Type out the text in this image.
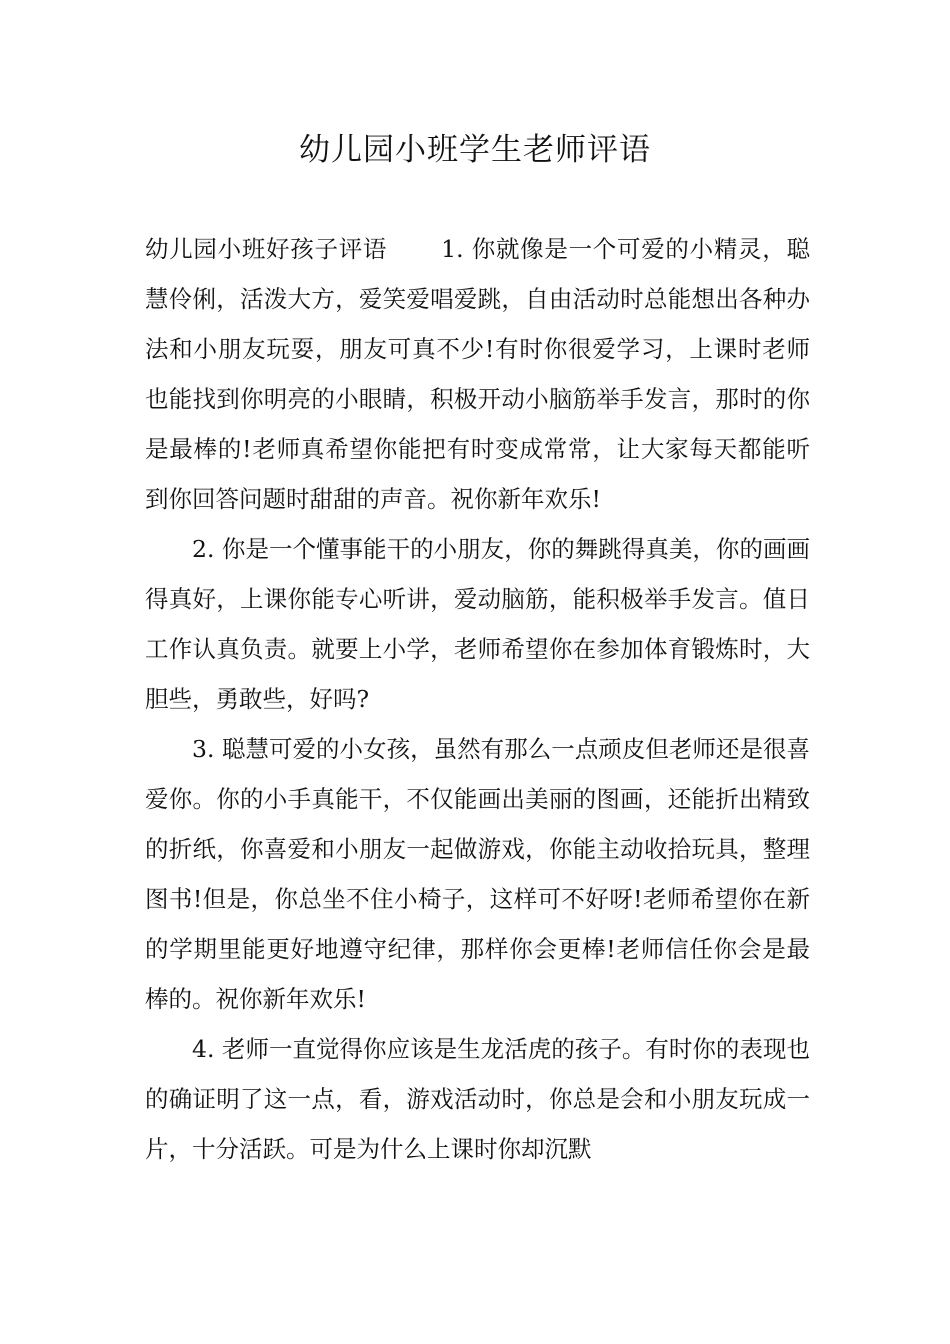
幼儿园小班学生老师评语

幼儿园小班好孩子评语 1. 你就像是一个可爱的小精灵，聪慧伶俐，活泼大方，爱笑爱唱爱跳，自由活动时总能想出各种办法和小朋友玩耍，朋友可真不少!有时你很爱学习，上课时老师也能找到你明亮的小眼睛，积极开动小脑筋举手发言，那时的你是最棒的!老师真希望你能把有时变成常常，让大家每天都能听到你回答问题时甜甜的声音。祝你新年欢乐!

2. 你是一个懂事能干的小朋友，你的舞跳得真美，你的画画得真好，上课你能专心听讲，爱动脑筋，能积极举手发言。值日工作认真负责。就要上小学，老师希望你在参加体育锻炼时，大胆些，勇敢些，好吗?

3. 聪慧可爱的小女孩，虽然有那么一点顽皮但老师还是很喜爱你。你的小手真能干，不仅能画出美丽的图画，还能折出精致的折纸，你喜爱和小朋友一起做游戏，你能主动收拾玩具，整理图书!但是，你总坐不住小椅子，这样可不好呀!老师希望你在新的学期里能更好地遵守纪律，那样你会更棒!老师信任你会是最棒的。祝你新年欢乐!

4. 老师一直觉得你应该是生龙活虎的孩子。有时你的表现也的确证明了这一点，看，游戏活动时，你总是会和小朋友玩成一片，十分活跃。可是为什么上课时你却沉默
